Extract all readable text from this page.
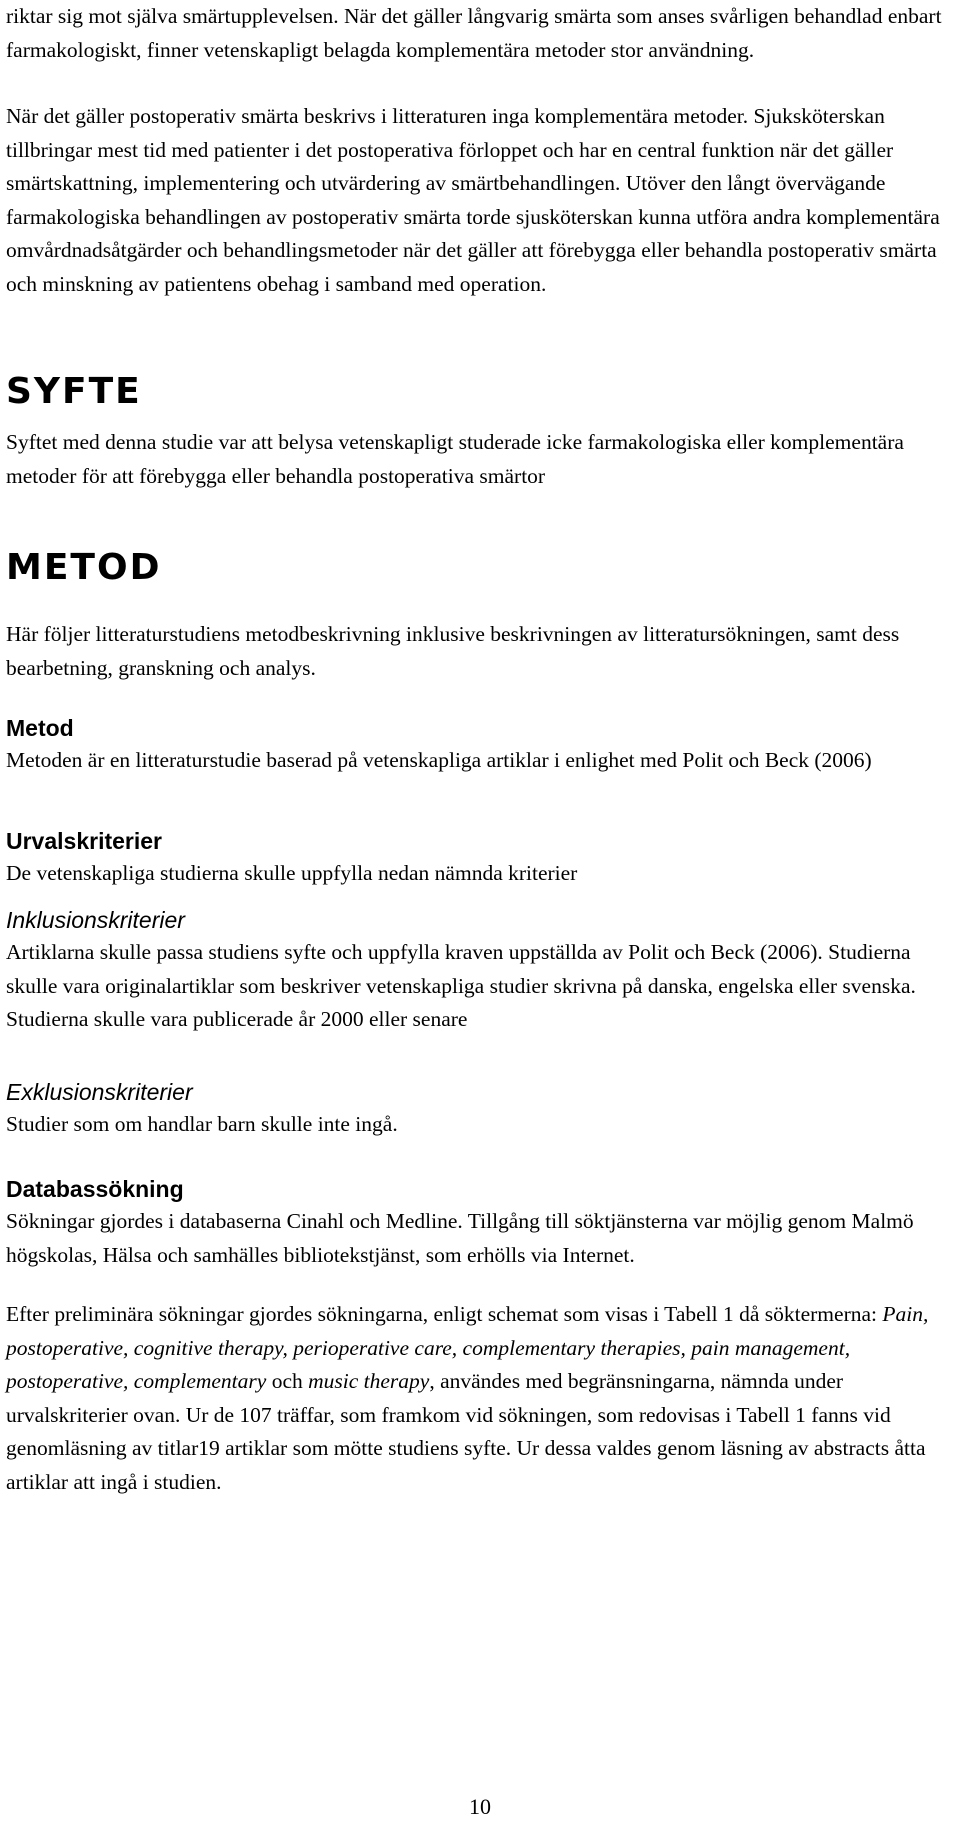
riktar sig mot själva smärtupplevelsen. När det gäller långvarig smärta som anses svårligen behandlad enbart farmakologiskt, finner vetenskapligt belagda komplementära metoder stor användning.

När det gäller postoperativ smärta beskrivs i litteraturen inga komplementära metoder. Sjuksköterskan tillbringar mest tid med patienter i det postoperativa förloppet och har en central funktion när det gäller smärtskattning, implementering och utvärdering av smärtbehandlingen. Utöver den långt övervägande farmakologiska behandlingen av postoperativ smärta torde sjusköterskan kunna utföra andra komplementära omvårdnadsåtgärder och behandlingsmetoder när det gäller att förebygga eller behandla postoperativ smärta och minskning av patientens obehag i samband med operation.

SYFTE

Syftet med denna studie var att belysa vetenskapligt studerade icke farmakologiska eller komplementära metoder för att förebygga eller behandla postoperativa smärtor

METOD

Här följer litteraturstudiens metodbeskrivning inklusive beskrivningen av litteratursökningen, samt dess bearbetning, granskning och analys.

Metod

Metoden är en litteraturstudie baserad på vetenskapliga artiklar i enlighet med Polit och Beck (2006)

Urvalskriterier

De vetenskapliga studierna skulle uppfylla nedan nämnda kriterier

Inklusionskriterier

Artiklarna skulle passa studiens syfte och uppfylla kraven uppställda av Polit och Beck (2006). Studierna skulle vara originalartiklar som beskriver vetenskapliga studier skrivna på danska, engelska eller svenska. Studierna skulle vara publicerade år 2000 eller senare

Exklusionskriterier

Studier som om handlar barn skulle inte ingå.

Databassökning

Sökningar gjordes i databaserna Cinahl och Medline. Tillgång till söktjänsterna var möjlig genom Malmö högskolas, Hälsa och samhälles bibliotekstjänst, som erhölls via Internet.

Efter preliminära sökningar gjordes sökningarna, enligt schemat som visas i Tabell 1 då söktermerna: Pain, postoperative, cognitive therapy, perioperative care, complementary therapies, pain management, postoperative, complementary och music therapy, användes med begränsningarna, nämnda under urvalskriterier ovan. Ur de 107 träffar, som framkom vid sökningen, som redovisas i Tabell 1 fanns vid genomläsning av titlar19 artiklar som mötte studiens syfte. Ur dessa valdes genom läsning av abstracts åtta artiklar att ingå i studien.

10
